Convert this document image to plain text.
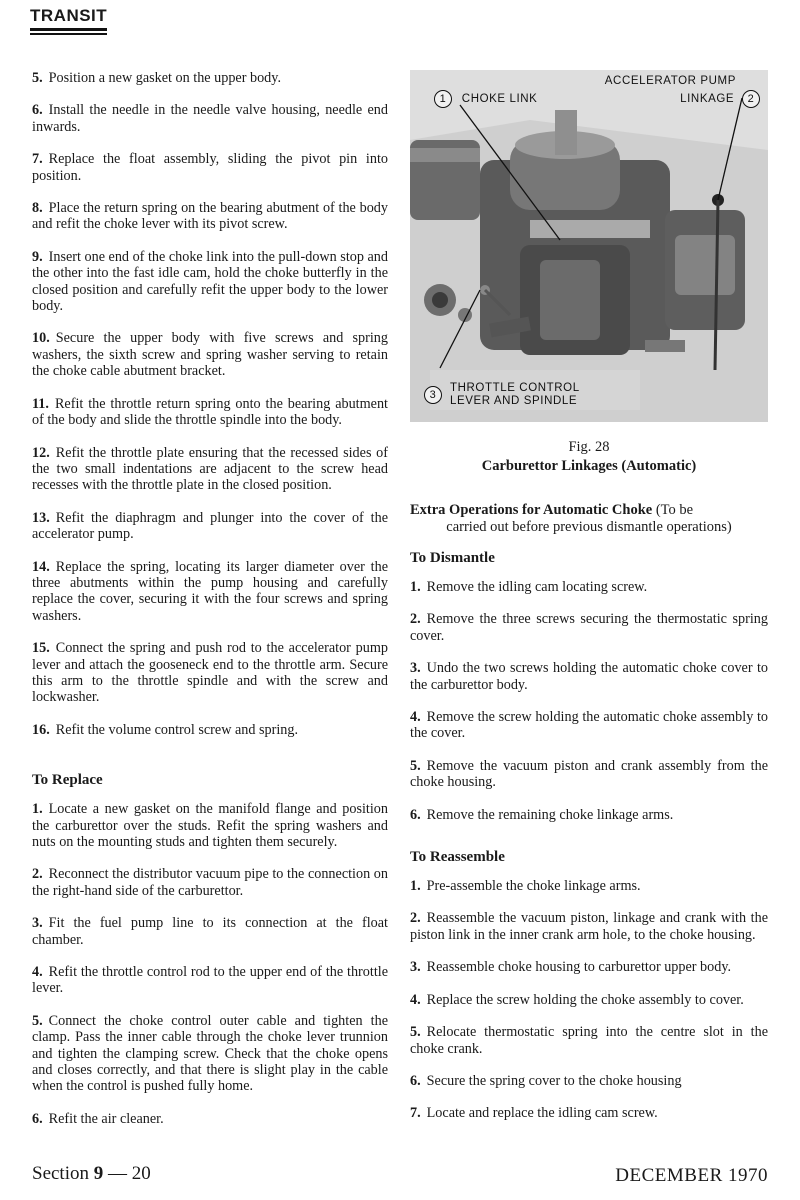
TRANSIT

5. Position a new gasket on the upper body.

6. Install the needle in the needle valve housing, needle end inwards.

7. Replace the float assembly, sliding the pivot pin into position.

8. Place the return spring on the bearing abutment of the body and refit the choke lever with its pivot screw.

9. Insert one end of the choke link into the pull-down stop and the other into the fast idle cam, hold the choke butterfly in the closed position and carefully refit the upper body to the lower body.

10. Secure the upper body with five screws and spring washers, the sixth screw and spring washer serving to retain the choke cable abutment bracket.

11. Refit the throttle return spring onto the bearing abutment of the body and slide the throttle spindle into the body.

12. Refit the throttle plate ensuring that the recessed sides of the two small indentations are adjacent to the screw head recesses with the throttle plate in the closed position.

13. Refit the diaphragm and plunger into the cover of the accelerator pump.

14. Replace the spring, locating its larger diameter over the three abutments within the pump housing and carefully replace the cover, securing it with the four screws and spring washers.

15. Connect the spring and push rod to the accelerator pump lever and attach the gooseneck end to the throttle arm. Secure this arm to the throttle spindle and with the screw and lockwasher.

16. Refit the volume control screw and spring.

To Replace

1. Locate a new gasket on the manifold flange and position the carburettor over the studs. Refit the spring washers and nuts on the mounting studs and tighten them securely.

2. Reconnect the distributor vacuum pipe to the connection on the right-hand side of the carburettor.

3. Fit the fuel pump line to its connection at the float chamber.

4. Refit the throttle control rod to the upper end of the throttle lever.

5. Connect the choke control outer cable and tighten the clamp. Pass the inner cable through the choke lever trunnion and tighten the clamping screw. Check that the choke opens and closes correctly, and that there is slight play in the cable when the control is pushed fully home.

6. Refit the air cleaner.

1 CHOKE LINK
ACCELERATOR PUMP
LINKAGE 2
3
THROTTLE CONTROL
LEVER AND SPINDLE
Fig. 28
Carburettor Linkages (Automatic)
Extra Operations for Automatic Choke (To be
carried out before previous dismantle operations)
To Dismantle

1. Remove the idling cam locating screw.

2. Remove the three screws securing the thermostatic spring cover.

3. Undo the two screws holding the automatic choke cover to the carburettor body.

4. Remove the screw holding the automatic choke assembly to the cover.

5. Remove the vacuum piston and crank assembly from the choke housing.

6. Remove the remaining choke linkage arms.

To Reassemble

1. Pre-assemble the choke linkage arms.

2. Reassemble the vacuum piston, linkage and crank with the piston link in the inner crank arm hole, to the choke housing.

3. Reassemble choke housing to carburettor upper body.

4. Replace the screw holding the choke assembly to cover.

5. Relocate thermostatic spring into the centre slot in the choke crank.

6. Secure the spring cover to the choke housing

7. Locate and replace the idling cam screw.

Section 9 — 20	DECEMBER 1970
